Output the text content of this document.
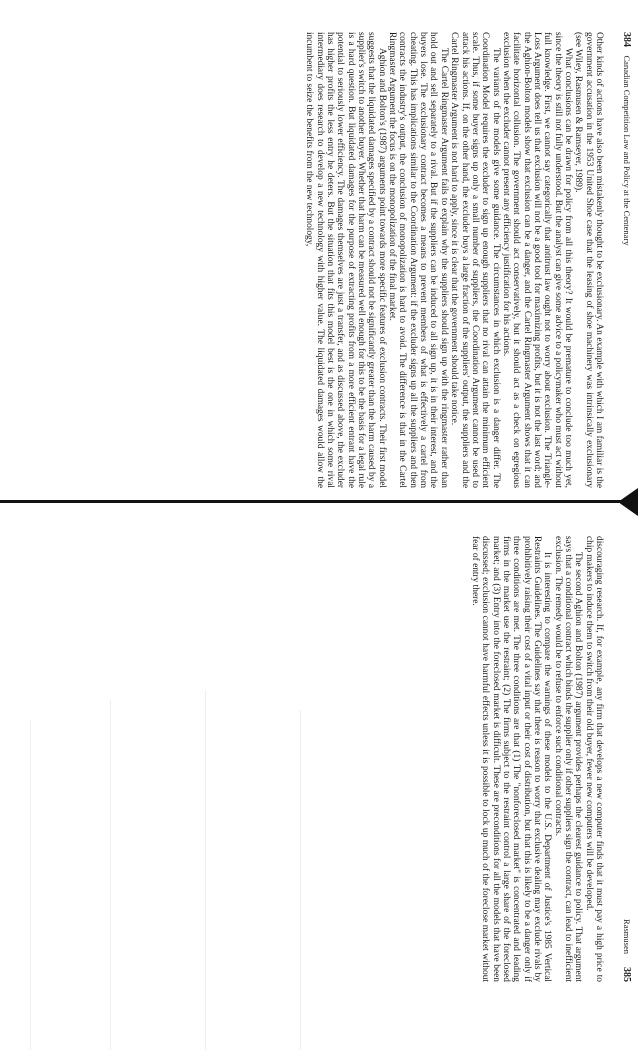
384    Canadian Competition Law and Policy at the Centenary

Other kinds of actions have also been mistakenly thought to be exclusionary. An example with which I am familiar is the government accusation in the 1953 United Shoe case that the leasing of shoe machinery was intrinsically exclusionary (see Wiley, Rasmusen & Ramseyer, 1989).

What conclusions can be drawn for policy from all this theory? It would be premature to conclude too much yet, since the theory is still not fully understood. But the analyst can give some advice to a policymaker who must act without full knowledge. First, we cannot say categorically that antitrust law ought not to worry about exclusion. The Triangle-Loss Argument does tell us that exclusion will not be a good tool for maximizing profits, but it is not the last word; and the Aghion-Bolton models show that exclusion can be a danger, and the Cartel Ringmaster Argument shows that it can facilitate horizontal collusion. The government should act conservatively, but it should act as a check on egregious exclusion when the excluder cannot present any efficiency justification for his actions.

The variants of the models give some guidance. The circumstances in which exclusion is a danger differ. The Coordination Model requires the excluder to sign up enough suppliers that no rival can attain the minimum efficient scale. Thus, if some buyer signs up only a small number of suppliers, the Coordination Argument cannot be used to attack his actions. If, on the other hand, the excluder buys a large fraction of the suppliers' output, the suppliers and the Cartel Ringmaster Argument is not hard to apply, since it is clear that the government should take notice.

The Cartel Ringmaster Argument fails to explain why the suppliers should sign up with the ringmaster rather than hold out and sell separately to a rival. But if the suppliers can be induced to all sign up, it is in their interest, and the buyers lose. The exclusionary contract becomes a means to prevent members of what is effectively a cartel from cheating. This has implications similar to the Coordination Argument: if the excluder signs up all the suppliers and then contracts the industry's output, the conclusion of monopolization is hard to avoid. The difference is that in the Cartel Ringmaster Argument the focus is on the monopolization of the final market.

Aghion and Bolton's (1987) arguments point towards more specific features of exclusion contracts. Their first model suggests that the liquidated damages specified by a contract should not be significantly greater than the harm caused by a supplier's switch to another buyer. Whether that harm can be measured well enough for this to be the basis for a legal rule is a hard question. But liquidated damages for the purpose of extracting profits from a more efficient entrant have the potential to seriously lower efficiency. The damages themselves are just a transfer, and as discussed above, the excluder has higher profits the less entry he deters. But the situation that fits this model best is the one in which some rival intermediary does research to develop a new technology with higher value. The liquidated damages would allow the incumbent to seize the benefits from the new technology,

Rasmusen
385

discouraging research. If, for example, any firm that develops a new computer finds that it must pay a high price to chip makers to induce them to switch from their old buyer, fewer new computers will be developed.

The second Aghion and Bolton (1987) argument provides perhaps the clearest guidance to policy. That argument says that a conditional contract which binds the supplier only if other suppliers sign the contract, can lead to inefficient exclusion. The remedy would be to refuse to enforce such conditional contracts.

It is interesting to compare the warnings of these models to the U.S. Department of Justice's 1985 Vertical Restraints Guidelines. The Guidelines say that there is reason to worry that exclusive dealing may exclude rivals by prohibitively raising their cost of a vital input or their cost of distribution, but that this is likely to be a danger only if three conditions are met. The three conditions are that (1) The "nonforeclosed market" is concentrated and leading firms in the market use the restraint; (2) The firms subject to the restraint control a large share of the foreclosed market; and (3) Entry into the foreclosed market is difficult. These are preconditions for all the models that have been discussed; exclusion cannot have harmful effects unless it is possible to lock up much of the foreclose market without fear of entry there.
